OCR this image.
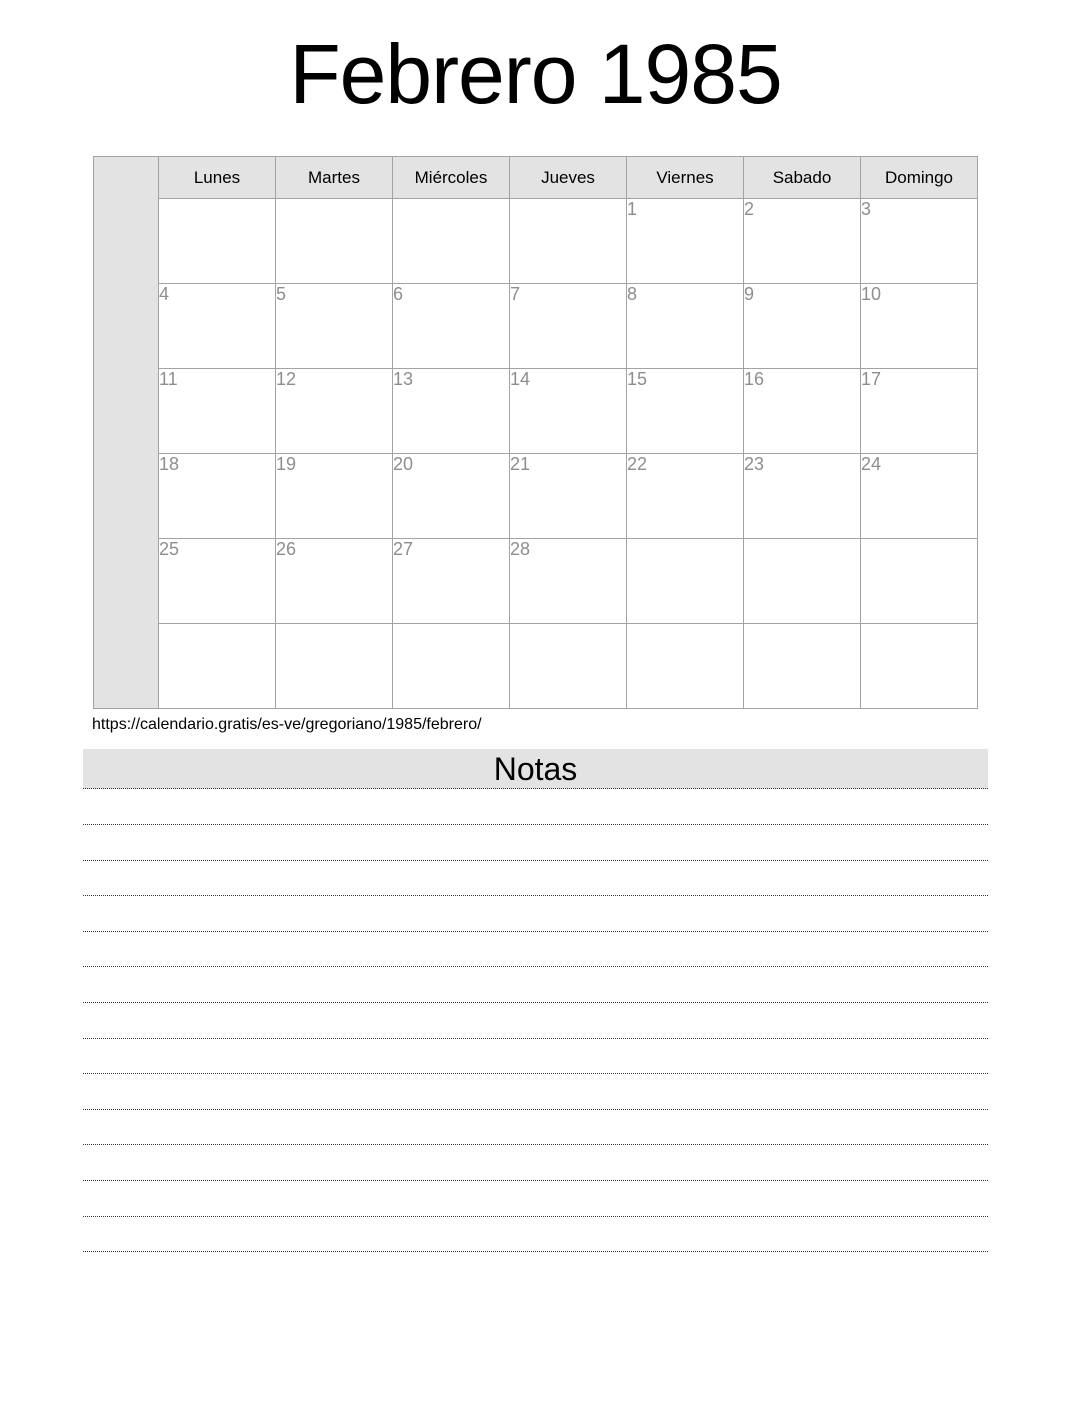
Febrero 1985
	Lunes	Martes	Miércoles	Jueves	Viernes	Sabado	Domingo
					1	2	3
	4	5	6	7	8	9	10
	11	12	13	14	15	16	17
	18	19	20	21	22	23	24
	25	26	27	28			

https://calendario.gratis/es-ve/gregoriano/1985/febrero/
Notas
